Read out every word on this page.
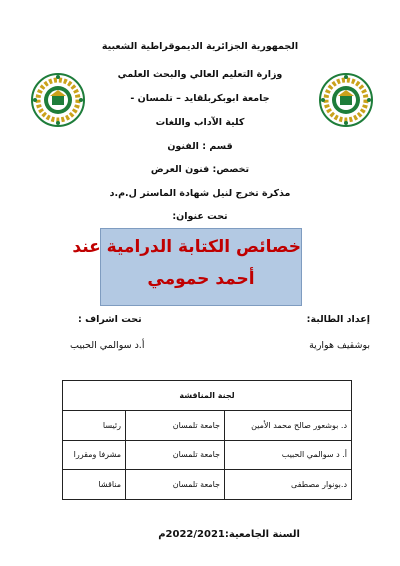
الجمهورية الجزائرية الديموقراطية الشعبية
وزارة التعليم العالي والبحث العلمي
جامعة ابوبكربلقايد – تلمسان -
كلية الآداب واللغات
قسم : الفنون
تخصص: فنون العرض
مذكرة تخرج لنيل شهادة الماستر ل.م.د
تحت عنوان:
خصائص الكتابة الدرامية عند
أحمد حمومي
إعداد الطالبة:
بوشقيف هوارية
تحت اشراف :
أ.د سوالمي الحبيب
لجنة المناقشة		
د. بوشعور صالح محمد الأمين	جامعة تلمسان	رئيسا
أ. د سوالمي الحبيب	جامعة تلمسان	مشرفا ومقررا
د.بونوار مصطفى	جامعة تلمسان	مناقشا
السنة الجامعية:2022/2021م
